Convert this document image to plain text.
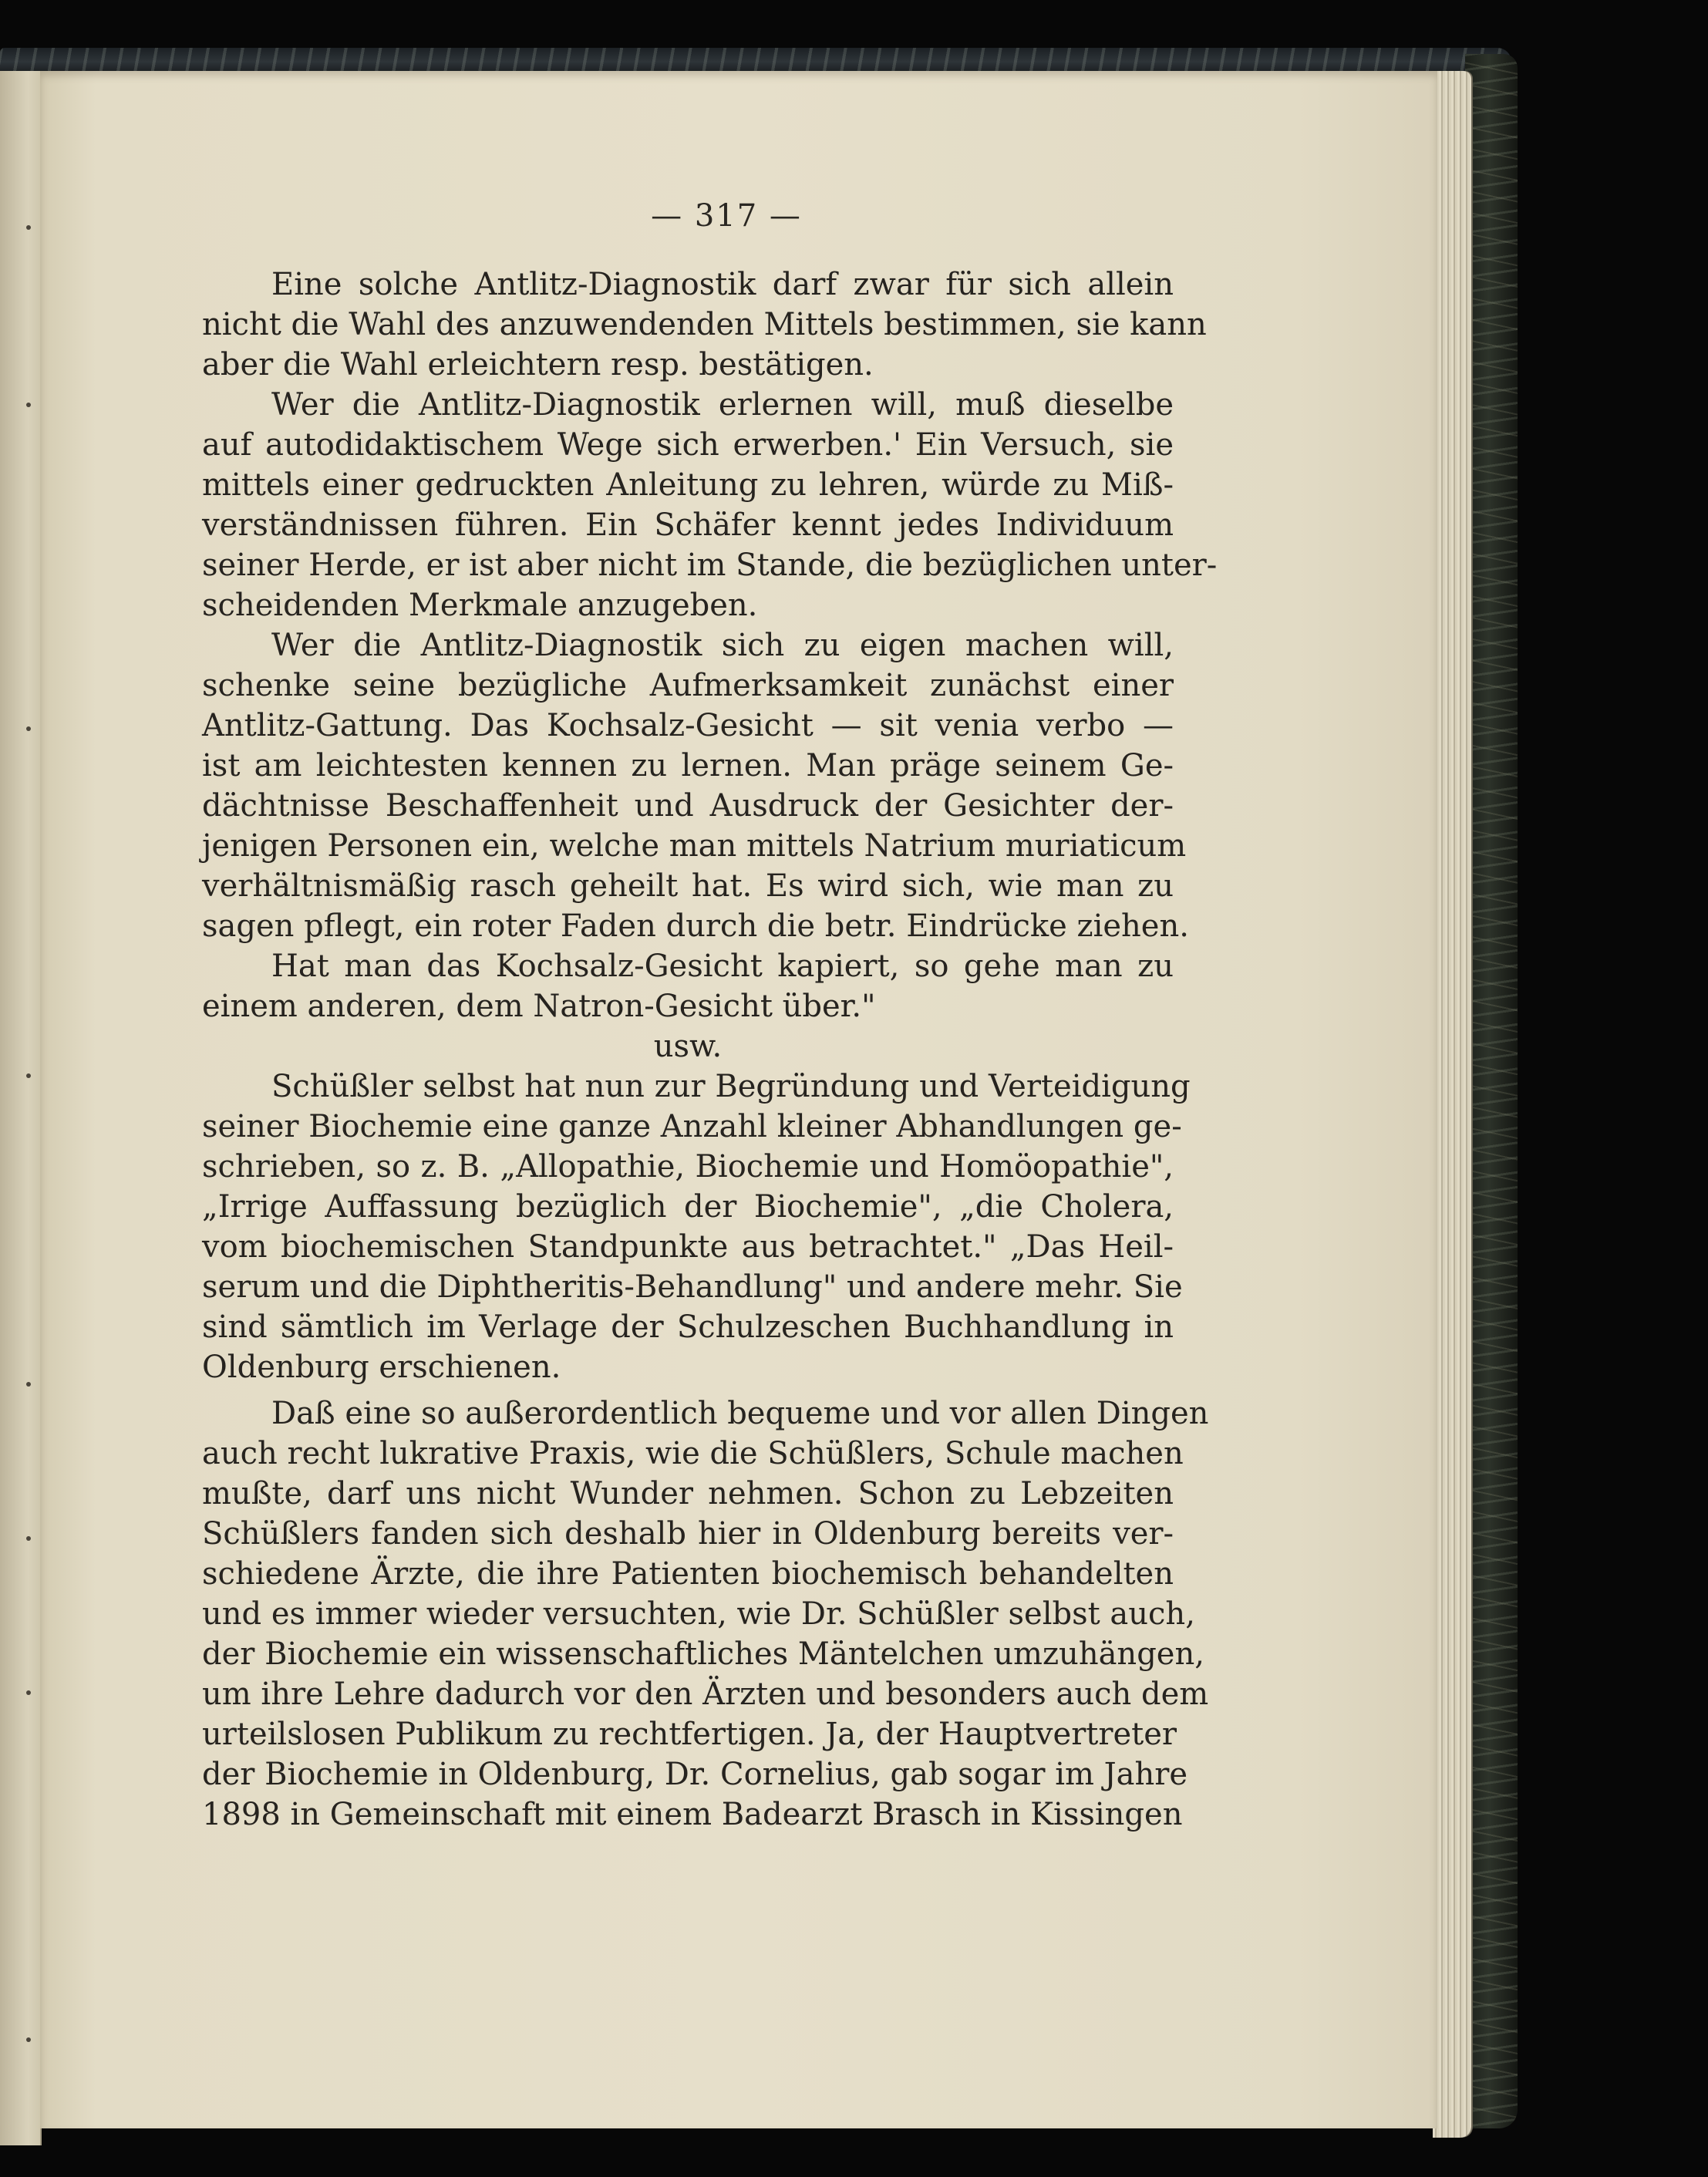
— 317 —
Eine solche Antlitz-Diagnostik darf zwar für sich allein
nicht die Wahl des anzuwendenden Mittels bestimmen, sie kann
aber die Wahl erleichtern resp. bestätigen.
Wer die Antlitz-Diagnostik erlernen will, muß dieselbe
auf autodidaktischem Wege sich erwerben.' Ein Versuch, sie
mittels einer gedruckten Anleitung zu lehren, würde zu Miß-
verständnissen führen. Ein Schäfer kennt jedes Individuum
seiner Herde, er ist aber nicht im Stande, die bezüglichen unter-
scheidenden Merkmale anzugeben.
Wer die Antlitz-Diagnostik sich zu eigen machen will,
schenke seine bezügliche Aufmerksamkeit zunächst einer
Antlitz-Gattung. Das Kochsalz-Gesicht — sit venia verbo —
ist am leichtesten kennen zu lernen. Man präge seinem Ge-
dächtnisse Beschaffenheit und Ausdruck der Gesichter der-
jenigen Personen ein, welche man mittels Natrium muriaticum
verhältnismäßig rasch geheilt hat. Es wird sich, wie man zu
sagen pflegt, ein roter Faden durch die betr. Eindrücke ziehen.
Hat man das Kochsalz-Gesicht kapiert, so gehe man zu
einem anderen, dem Natron-Gesicht über."
usw.
Schüßler selbst hat nun zur Begründung und Verteidigung
seiner Biochemie eine ganze Anzahl kleiner Abhandlungen ge-
schrieben, so z. B. „Allopathie, Biochemie und Homöopathie",
„Irrige Auffassung bezüglich der Biochemie", „die Cholera,
vom biochemischen Standpunkte aus betrachtet." „Das Heil-
serum und die Diphtheritis-Behandlung" und andere mehr. Sie
sind sämtlich im Verlage der Schulzeschen Buchhandlung in
Oldenburg erschienen.
Daß eine so außerordentlich bequeme und vor allen Dingen
auch recht lukrative Praxis, wie die Schüßlers, Schule machen
mußte, darf uns nicht Wunder nehmen. Schon zu Lebzeiten
Schüßlers fanden sich deshalb hier in Oldenburg bereits ver-
schiedene Ärzte, die ihre Patienten biochemisch behandelten
und es immer wieder versuchten, wie Dr. Schüßler selbst auch,
der Biochemie ein wissenschaftliches Mäntelchen umzuhängen,
um ihre Lehre dadurch vor den Ärzten und besonders auch dem
urteilslosen Publikum zu rechtfertigen. Ja, der Hauptvertreter
der Biochemie in Oldenburg, Dr. Cornelius, gab sogar im Jahre
1898 in Gemeinschaft mit einem Badearzt Brasch in Kissingen
